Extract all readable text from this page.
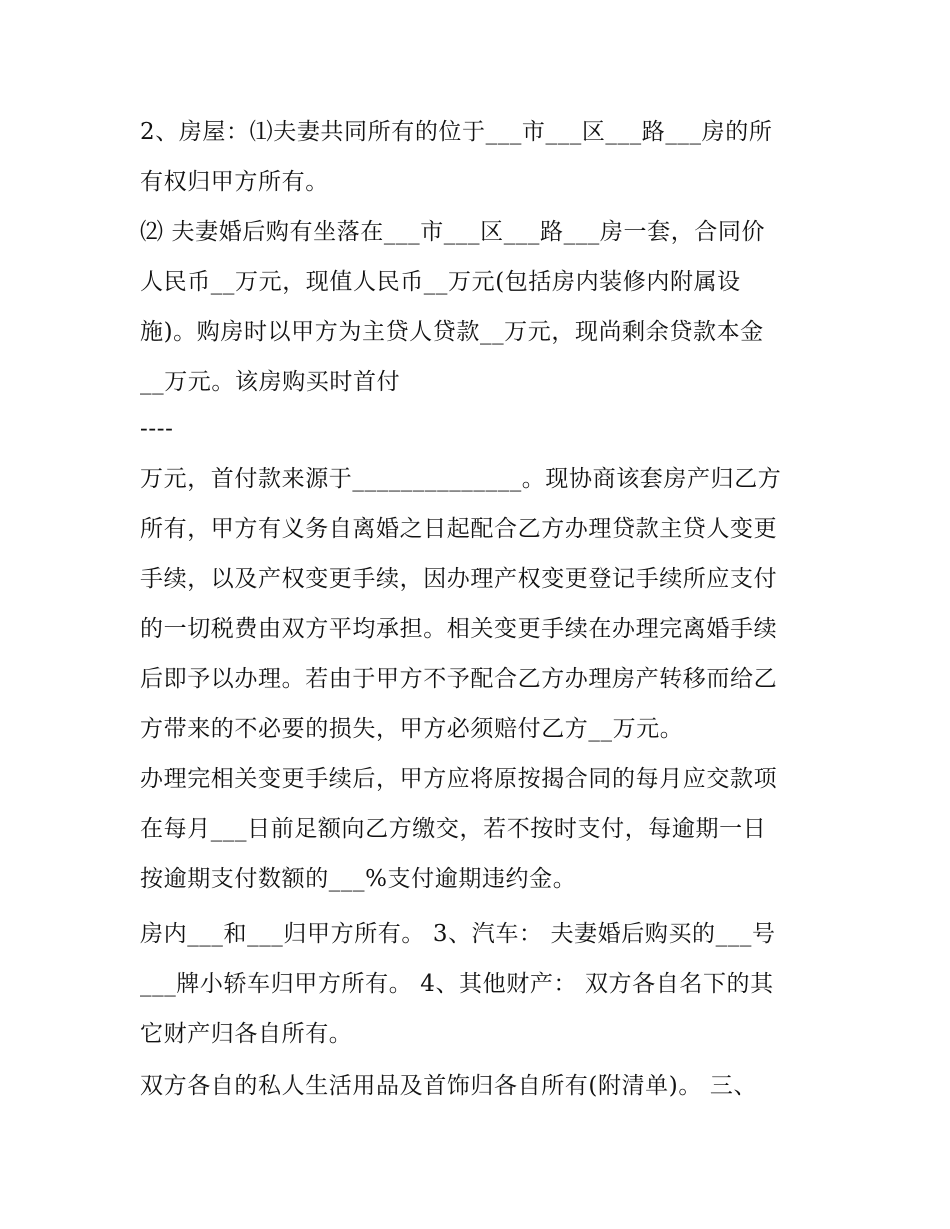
2、房屋：⑴夫妻共同所有的位于___市___区___路___房的所

有权归甲方所有。

⑵ 夫妻婚后购有坐落在___市___区___路___房一套，合同价

人民币__万元，现值人民币__万元(包括房内装修内附属设

施)。购房时以甲方为主贷人贷款__万元，现尚剩余贷款本金

__万元。该房购买时首付

----

万元，首付款来源于______________。现协商该套房产归乙方

所有，甲方有义务自离婚之日起配合乙方办理贷款主贷人变更

手续，以及产权变更手续，因办理产权变更登记手续所应支付

的一切税费由双方平均承担。相关变更手续在办理完离婚手续

后即予以办理。若由于甲方不予配合乙方办理房产转移而给乙

方带来的不必要的损失，甲方必须赔付乙方__万元。

办理完相关变更手续后，甲方应将原按揭合同的每月应交款项

在每月___日前足额向乙方缴交，若不按时支付，每逾期一日

按逾期支付数额的___%支付逾期违约金。

房内___和___归甲方所有。 3、汽车： 夫妻婚后购买的___号

___牌小轿车归甲方所有。 4、其他财产： 双方各自名下的其

它财产归各自所有。

双方各自的私人生活用品及首饰归各自所有(附清单)。 三、
